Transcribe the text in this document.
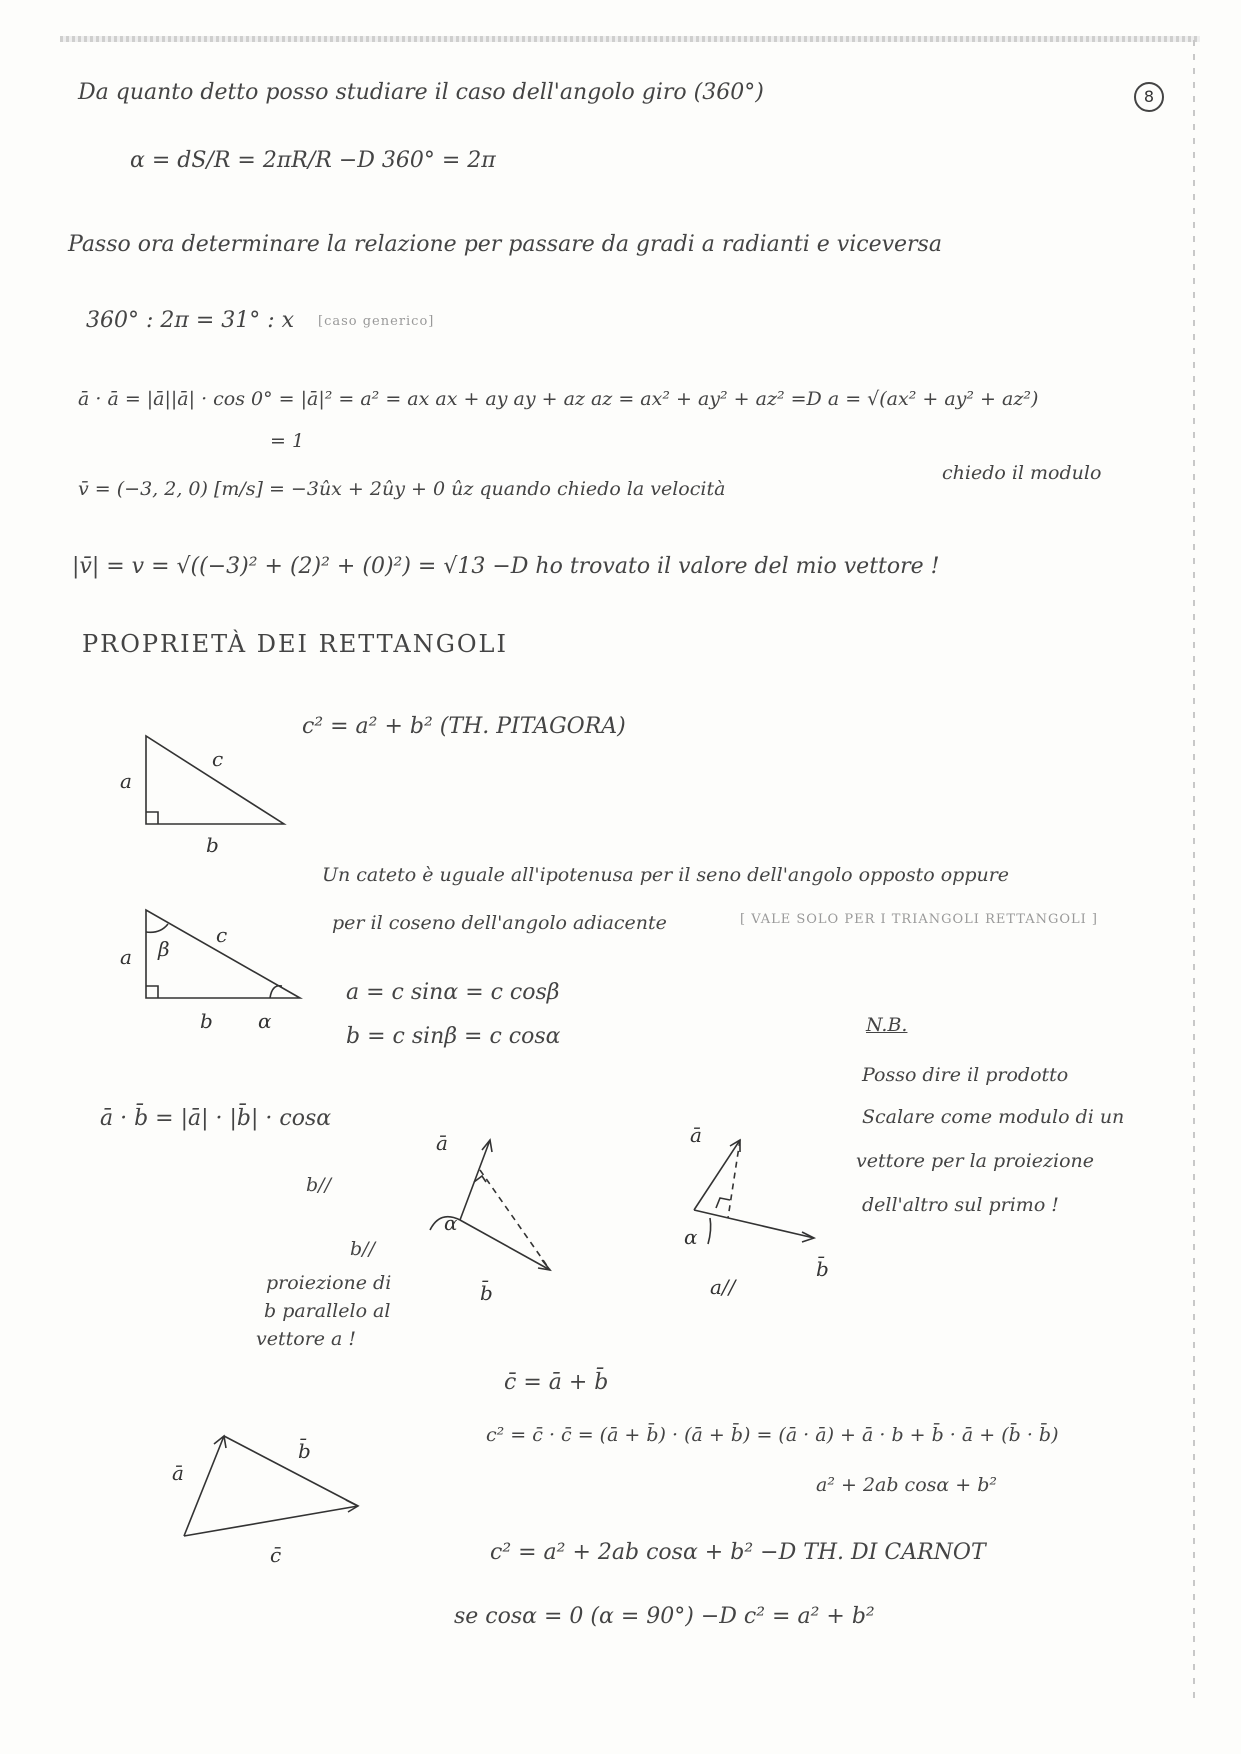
8
Da quanto detto posso studiare il caso dell'angolo giro (360°)
α = dS/R = 2πR/R −D 360° = 2π
Passo ora determinare la relazione per passare da gradi a radianti e viceversa
360° : 2π = 31° : x [caso generico]
ā · ā = |ā||ā| · cos 0° = |ā|² = a² = ax ax + ay ay + az az = ax² + ay² + az² =D a = √(ax² + ay² + az²)
= 1
v̄ = (−3, 2, 0) [m/s] = −3ûx + 2ûy + 0 ûz quando chiedo la velocità
chiedo il modulo
|v̄| = v = √((−3)² + (2)² + (0)²) = √13 −D ho trovato il valore del mio vettore !
PROPRIETÀ DEI RETTANGOLI
c² = a² + b² (TH. PITAGORA)
a
b
c
Un cateto è uguale all'ipotenusa per il seno dell'angolo opposto oppure
per il coseno dell'angolo adiacente	[ VALE SOLO PER I TRIANGOLI RETTANGOLI ]
a
b
c
β
α
a = c sinα = c cosβ
b = c sinβ = c cosα	N.B.
Posso dire il prodotto
Scalare come modulo di un
vettore per la proiezione
dell'altro sul primo !
ā · b̄ = |ā| · |b̄| · cosα
b//
b//
proiezione di
b parallelo al
vettore a !
ā
b̄
α
ā
b̄
α
a//
c̄ = ā + b̄
c² = c̄ · c̄ = (ā + b̄) · (ā + b̄) = (ā · ā) + ā · b + b̄ · ā + (b̄ · b̄)
a² + 2ab cosα + b²
ā
b̄
c̄	c² = a² + 2ab cosα + b² −D TH. DI CARNOT
se cosα = 0 (α = 90°) −D c² = a² + b²
